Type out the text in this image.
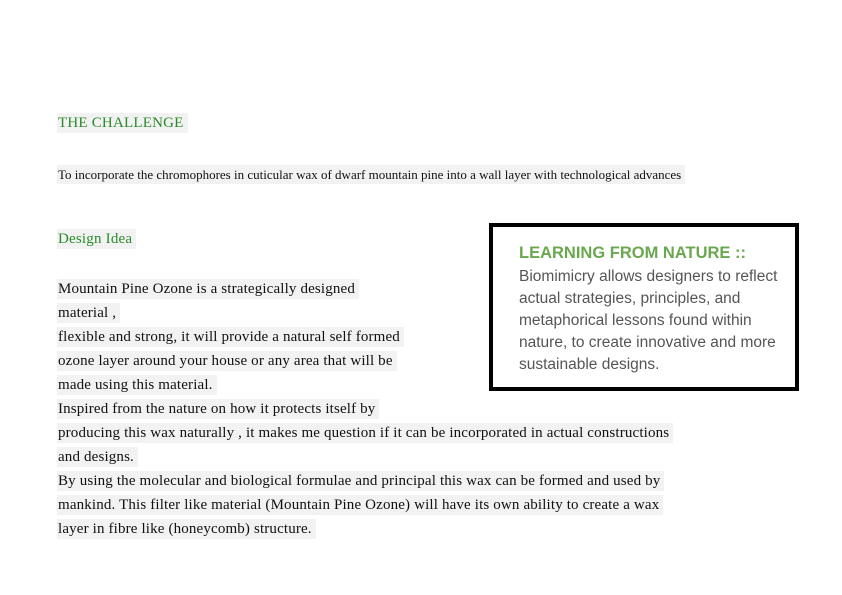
THE CHALLENGE
To incorporate the chromophores in cuticular wax of dwarf mountain pine into a wall layer with technological advances
Design Idea
Mountain Pine Ozone is a strategically designed
material ,
flexible and strong, it will provide a natural self formed
ozone layer around your house or any area that will be
made using this material.
Inspired from the nature on how it protects itself by
producing this wax naturally , it makes me question if it can be incorporated in actual constructions
and designs.
By using the molecular and biological formulae and principal this wax can be formed and used by
mankind. This filter like material (Mountain Pine Ozone) will have its own ability to create a wax
layer in fibre like (honeycomb) structure.
LEARNING FROM NATURE ::
Biomimicry allows designers to reflect actual strategies, principles, and metaphorical lessons found within nature, to create innovative and more sustainable designs.
